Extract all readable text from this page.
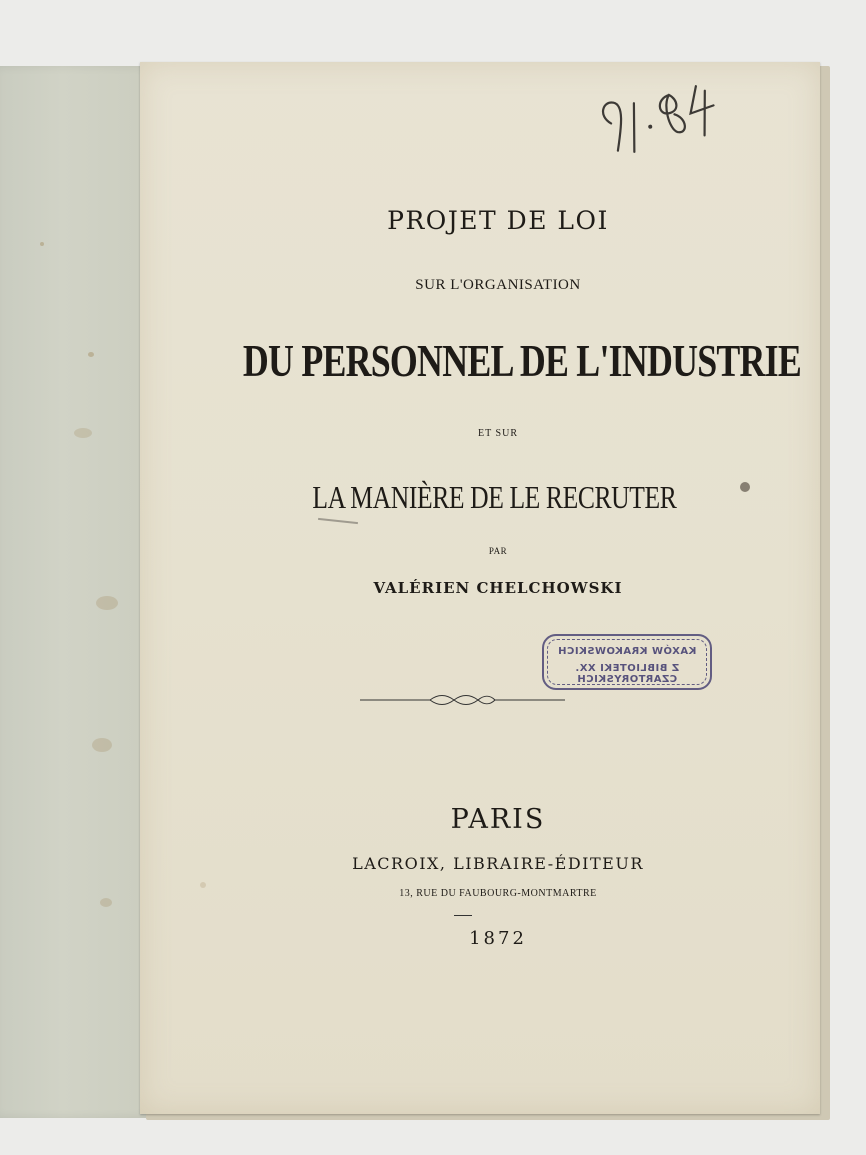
PROJET DE LOI
SUR L'ORGANISATION
DU PERSONNEL DE L'INDUSTRIE
ET SUR
LA MANIÈRE DE LE RECRUTER
PAR
VALÉRIEN CHELCHOWSKI
KAXÓW KRAKOWSKICH
Z BIBLIOTEKI XX. CZARTORYSKICH
PARIS
LACROIX, LIBRAIRE-ÉDITEUR
13, RUE DU FAUBOURG-MONTMARTRE
1872
